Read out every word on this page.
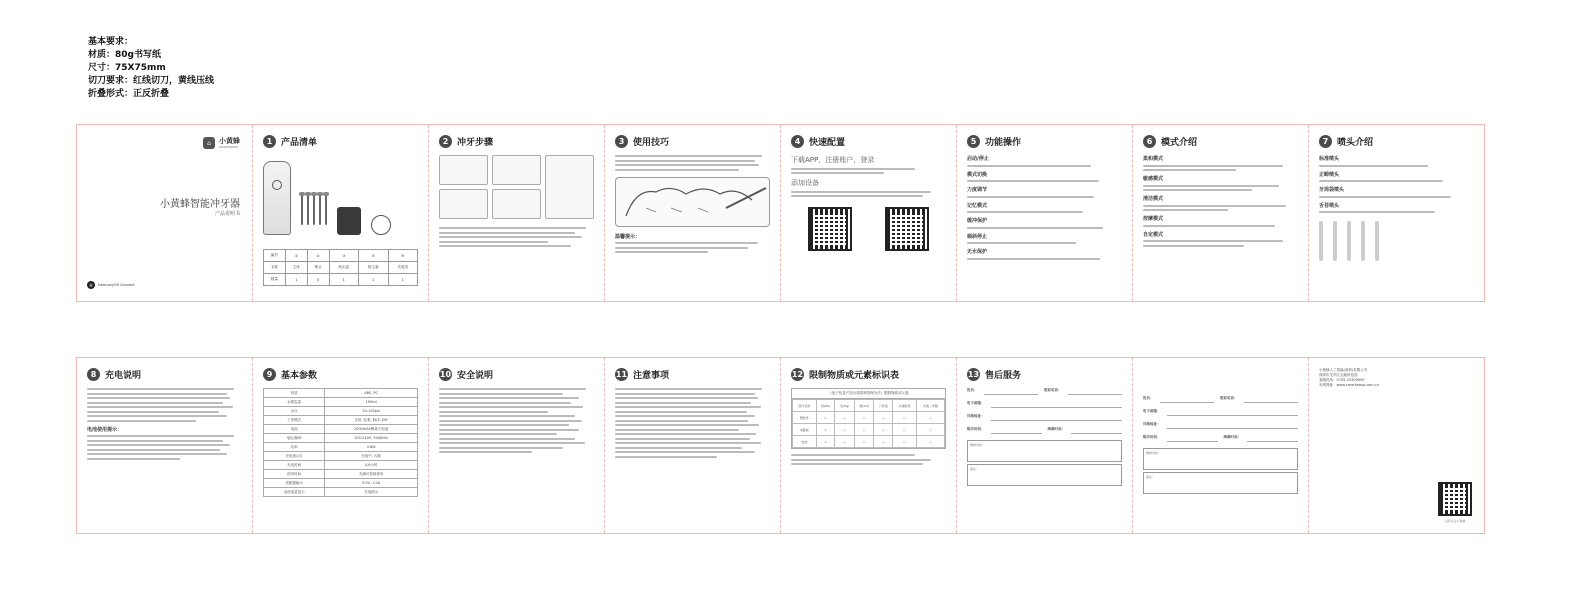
基本要求：
材质：80g书写纸
尺寸：75X75mm
切刀要求：红线切刀，黄线压线
折叠形式：正反折叠
⌂	小黄蜂
SMARTWASP
小黄蜂智能冲牙器
产品说明书
H	HarmonyOS Connect
1 产品清单
编号	①	②	③	④	⑤
名称	主体	喷头	喷头盒	防尘塞	充电线
数量	1	5	1	1	1
2 冲牙步骤	3 使用技巧
温馨提示：
4 快速配置
下载APP，注册账户，登录
添加设备
5 功能操作
启动/停止
模式切换
力度调节
记忆模式
缓冲保护
倾斜停止
无水保护
6 模式介绍
柔和模式
敏感模式
清洁模式
按摩模式
自定模式
7 喷头介绍
标准喷头
正畸喷头
牙周袋喷头
舌苔喷头
8 充电说明
电池使用提示：
9 基本参数
材质	ABS, PC
水箱容量	150ml
水压	20-120psi
工作模式	正常, 轻柔, 脉冲, DIY
电池	2000mAh锂离子电池
电压/频率	100-240V, 50/60Hz
功率	4.6W
充电指示灯	充电中, 闪烁
充电时间	4-6小时
使用时间	充满可持续使用
适配器输出	5.0V, 1.0A
电池电量显示	充电指示
10 安全说明	11 注意事项	12 限制物质或元素标识表
《电子信息产品污染控制管理办法》限制物质或元素
部件名称	铅(Pb)	汞(Hg)	镉(Cd)	六价铬	多溴联苯	多溴二苯醚
塑胶件	○	○	○	○	○	○
电路板	×	○	○	○	○	○
电池	×	○	○	○	○	○
13 售后服务
姓名：	联系电话：
电子邮箱：
详细地址：
购买时间：	维修时间：
维修内容：
备注：
姓名：	联系电话：
电子邮箱：
详细地址：
购买时间：	维修时间：
维修内容：
备注：
小黄蜂人工智能(深圳)有限公司
深圳市龙华区宝能科技园
客服热线：0755-33309009
官网网址：www.smartwasp.com.cn
扫码关注小黄蜂
